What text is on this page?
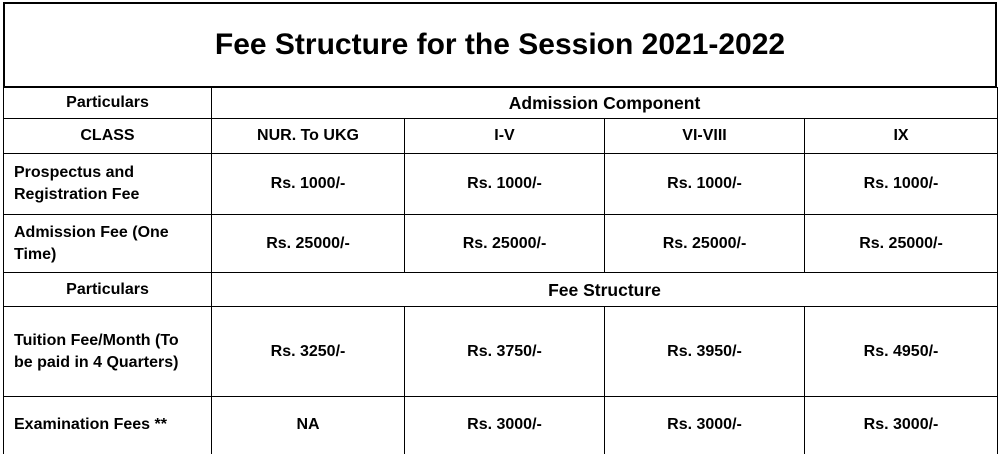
Fee Structure for the Session 2021-2022
Particulars	Admission Component			
CLASS	NUR. To UKG	I-V	VI-VIII	IX
Prospectus and Registration Fee	Rs. 1000/-	Rs. 1000/-	Rs. 1000/-	Rs. 1000/-
Admission Fee (One Time)	Rs. 25000/-	Rs. 25000/-	Rs. 25000/-	Rs. 25000/-
Particulars	Fee Structure			
Tuition Fee/Month (To be paid in 4 Quarters)	Rs. 3250/-	Rs. 3750/-	Rs. 3950/-	Rs. 4950/-
Examination Fees **	NA	Rs. 3000/-	Rs. 3000/-	Rs. 3000/-
